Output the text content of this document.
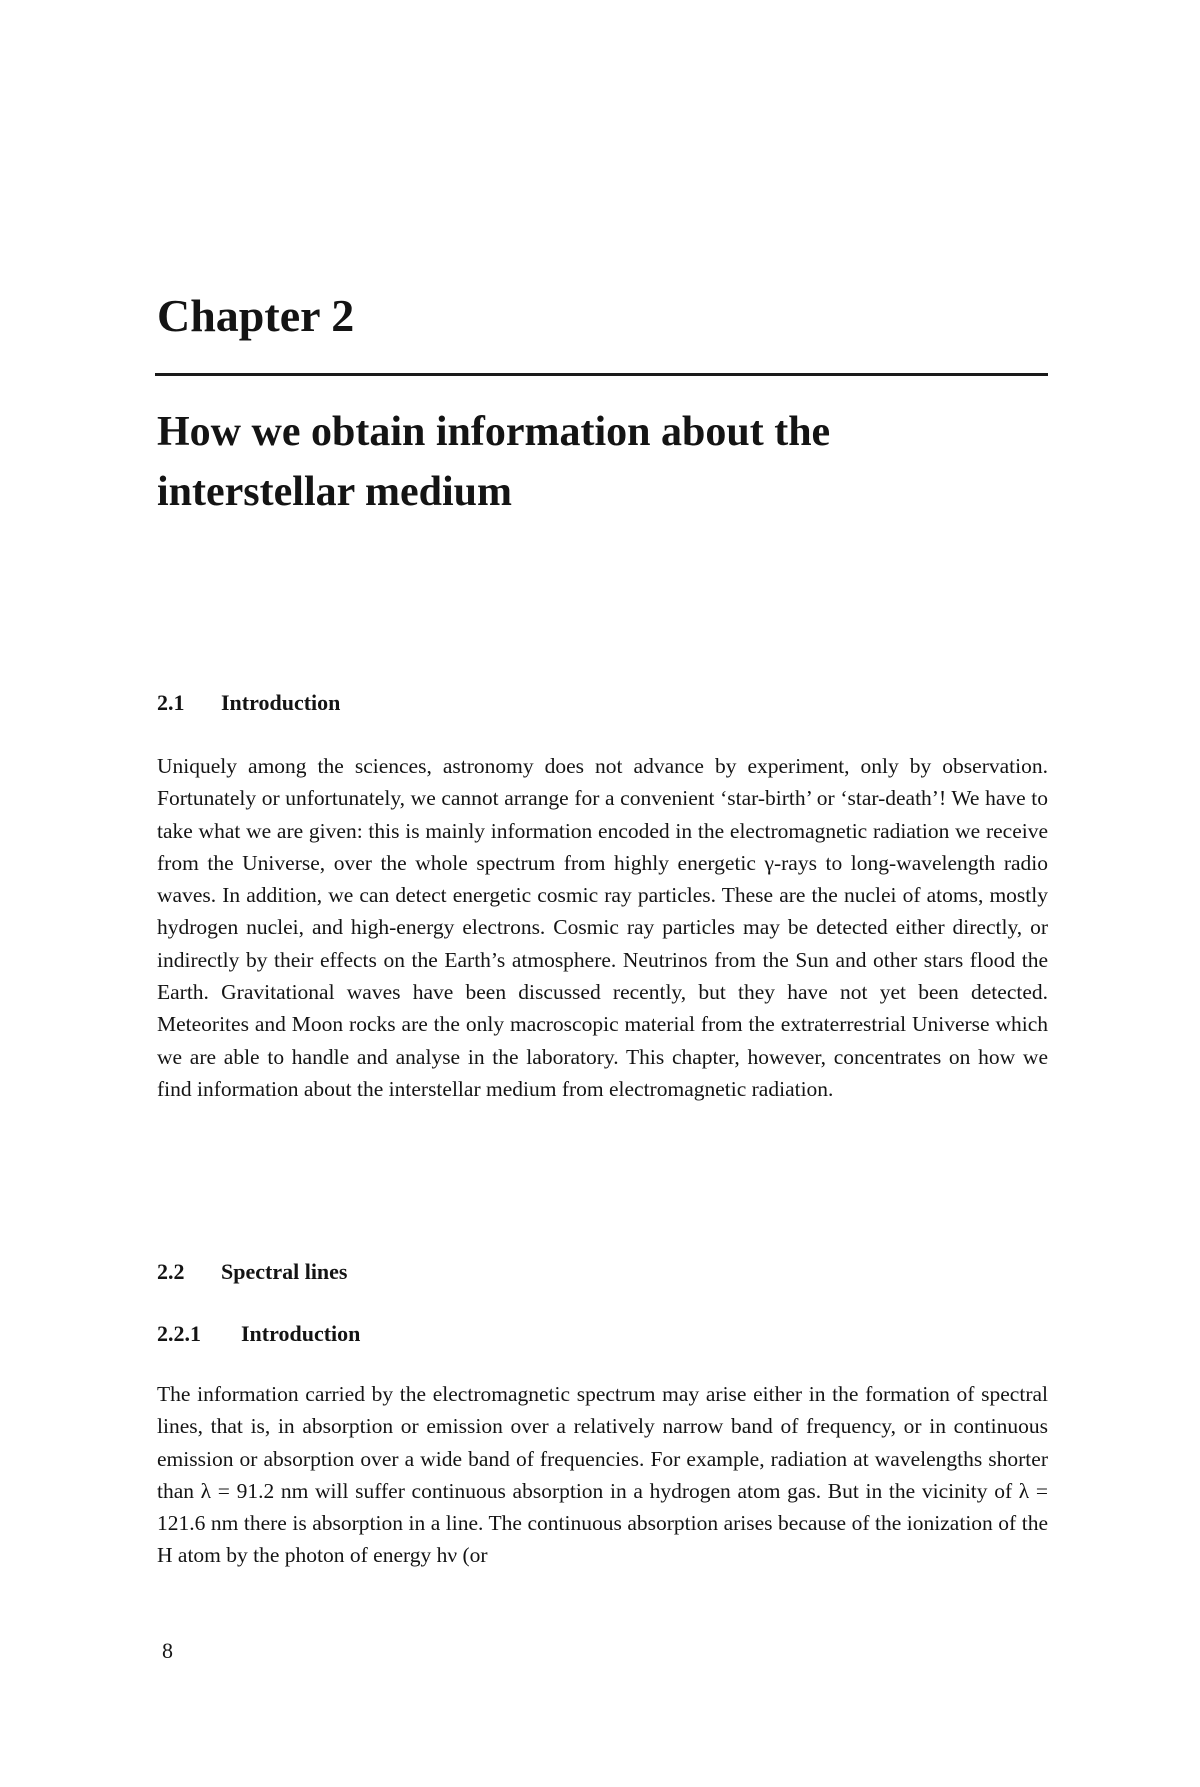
Chapter 2
How we obtain information about the interstellar medium
2.1 Introduction

Uniquely among the sciences, astronomy does not advance by experiment, only by observation. Fortunately or unfortunately, we cannot arrange for a convenient ‘star-birth’ or ‘star-death’! We have to take what we are given: this is mainly information encoded in the electromagnetic radiation we receive from the Universe, over the whole spectrum from highly energetic γ-rays to long-wavelength radio waves. In addition, we can detect energetic cosmic ray particles. These are the nuclei of atoms, mostly hydrogen nuclei, and high-energy electrons. Cosmic ray particles may be detected either directly, or indirectly by their effects on the Earth’s atmosphere. Neutrinos from the Sun and other stars flood the Earth. Gravitational waves have been discussed recently, but they have not yet been detected. Meteorites and Moon rocks are the only macroscopic material from the extraterrestrial Universe which we are able to handle and analyse in the laboratory. This chapter, however, concentrates on how we find information about the interstellar medium from electromagnetic radiation.

2.2 Spectral lines
2.2.1 Introduction

The information carried by the electromagnetic spectrum may arise either in the formation of spectral lines, that is, in absorption or emission over a relatively narrow band of frequency, or in continuous emission or absorption over a wide band of frequencies. For example, radiation at wavelengths shorter than λ = 91.2 nm will suffer continuous absorption in a hydrogen atom gas. But in the vicinity of λ = 121.6 nm there is absorption in a line. The continuous absorption arises because of the ionization of the H atom by the photon of energy hν (or

8
